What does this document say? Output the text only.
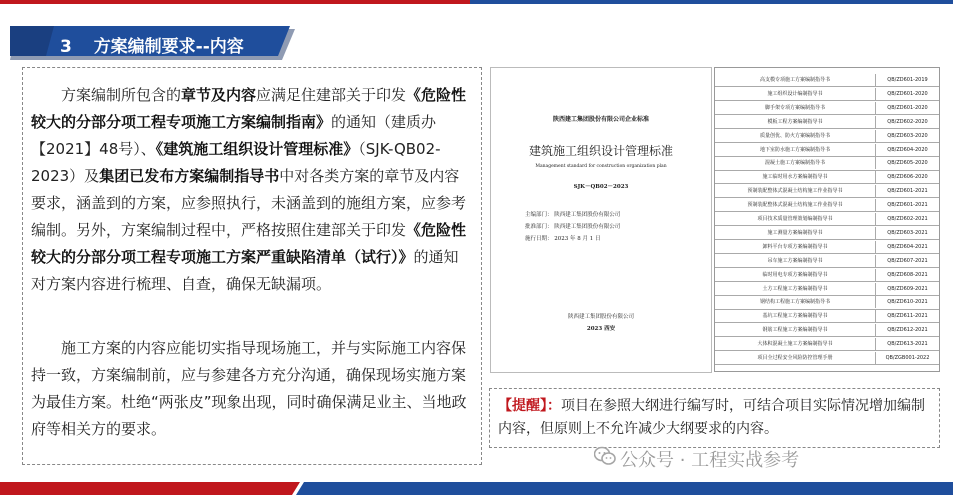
3 方案编制要求--内容
方案编制所包含的章节及内容应满足住建部关于印发《危险性较大的分部分项工程专项施工方案编制指南》的通知（建质办【2021】48号）、《建筑施工组织设计管理标准》（SJK-QB02-2023）及集团已发布方案编制指导书中对各类方案的章节及内容要求，涵盖到的方案，应参照执行，未涵盖到的施组方案，应参考编制。另外，方案编制过程中，严格按照住建部关于印发《危险性较大的分部分项工程专项施工方案严重缺陷清单（试行）》的通知对方案内容进行梳理、自查，确保无缺漏项。
施工方案的内容应能切实指导现场施工，并与实际施工内容保持一致，方案编制前，应与参建各方充分沟通，确保现场实施方案为最佳方案。杜绝“两张皮”现象出现，同时确保满足业主、当地政府等相关方的要求。
陕西建工集团股份有限公司企业标准
建筑施工组织设计管理标准
Management standard for construction organization plan
SJK－QB02－2023
主编部门： 陕西建工集团股份有限公司
批准部门： 陕西建工集团股份有限公司
施行日期： 2023 年 8 月 1 日
陕西建工集团股份有限公司
2023 西安
高支模专项施工方案编制指导书	QB/ZD601-2019
施工组织设计编制指导书	QB/ZD601-2020
脚手架专项方案编制指导书	QB/ZD601-2020
模板工程方案编制指导书	QB/ZD602-2020
质量创优、防火方案编制指导书	QB/ZD603-2020
地下室防水施工方案编制指导书	QB/ZD604-2020
混凝土施工方案编制指导书	QB/ZD605-2020
施工临时用水方案编制指导书	QB/ZD606-2020
预制装配整体式混凝土结构施工作业指导书	QB/ZD601-2021
预制装配整体式混凝土结构施工作业指导书	QB/ZD601-2021
项目技术质量管理策划编制指导书	QB/ZD602-2021
施工测量方案编制指导书	QB/ZD603-2021
卸料平台专项方案编制指导书	QB/ZD604-2021
吊车施工方案编制指导书	QB/ZD607-2021
临时用电专项方案编制指导书	QB/ZD608-2021
土方工程施工方案编制指导书	QB/ZD609-2021
钢结构工程施工方案编制指导书	QB/ZD610-2021
基坑工程施工方案编制指导书	QB/ZD611-2021
钢筋工程施工方案编制指导书	QB/ZD612-2021
大体积混凝土施工方案编制指导书	QB/ZD613-2021
项目全过程安全风险防控管理手册	QB/ZGB001-2022
【提醒】：项目在参照大纲进行编写时，可结合项目实际情况增加编制内容，但原则上不允许减少大纲要求的内容。
公众号 · 工程实战参考
